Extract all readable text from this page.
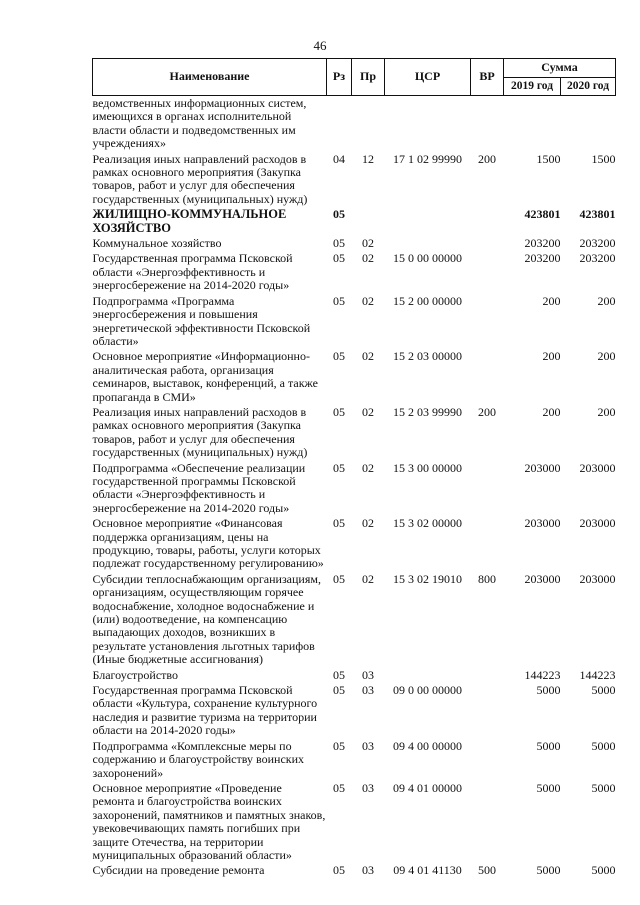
46
Наименование	Рз	Пр	ЦСР	ВР	Сумма	
					2019 год	2020 год
ведомственных информационных систем, имеющихся в органах исполнительной власти области и подведомственных им учреждениях»						
Реализация иных направлений расходов в рамках основного мероприятия (Закупка товаров, работ и услуг для обеспечения государственных (муниципальных) нужд)	04	12	17 1 02 99990	200	1500	1500
ЖИЛИЩНО-КОММУНАЛЬНОЕ ХОЗЯЙСТВО	05				423801	423801
Коммунальное хозяйство	05	02			203200	203200
Государственная программа Псковской области «Энергоэффективность и энергосбережение на 2014-2020 годы»	05	02	15 0 00 00000		203200	203200
Подпрограмма «Программа энергосбережения и повышения энергетической эффективности Псковской области»	05	02	15 2 00 00000		200	200
Основное мероприятие «Информационно-аналитическая работа, организация семинаров, выставок, конференций, а также пропаганда в СМИ»	05	02	15 2 03 00000		200	200
Реализация иных направлений расходов в рамках основного мероприятия (Закупка товаров, работ и услуг для обеспечения государственных (муниципальных) нужд)	05	02	15 2 03 99990	200	200	200
Подпрограмма «Обеспечение реализации государственной программы Псковской области «Энергоэффективность и энергосбережение на 2014-2020 годы»	05	02	15 3 00 00000		203000	203000
Основное мероприятие «Финансовая поддержка организациям, цены на продукцию, товары, работы, услуги которых подлежат государственному регулированию»	05	02	15 3 02 00000		203000	203000
Субсидии теплоснабжающим организациям, организациям, осуществляющим горячее водоснабжение, холодное водоснабжение и (или) водоотведение, на компенсацию выпадающих доходов, возникших в результате установления льготных тарифов (Иные бюджетные ассигнования)	05	02	15 3 02 19010	800	203000	203000
Благоустройство	05	03			144223	144223
Государственная программа Псковской области «Культура, сохранение культурного наследия и развитие туризма на территории области на 2014-2020 годы»	05	03	09 0 00 00000		5000	5000
Подпрограмма «Комплексные меры по содержанию и благоустройству воинских захоронений»	05	03	09 4 00 00000		5000	5000
Основное мероприятие «Проведение ремонта и благоустройства воинских захоронений, памятников и памятных знаков, увековечивающих память погибших при защите Отечества, на территории муниципальных образований области»	05	03	09 4 01 00000		5000	5000
Субсидии на проведение ремонта	05	03	09 4 01 41130	500	5000	5000
